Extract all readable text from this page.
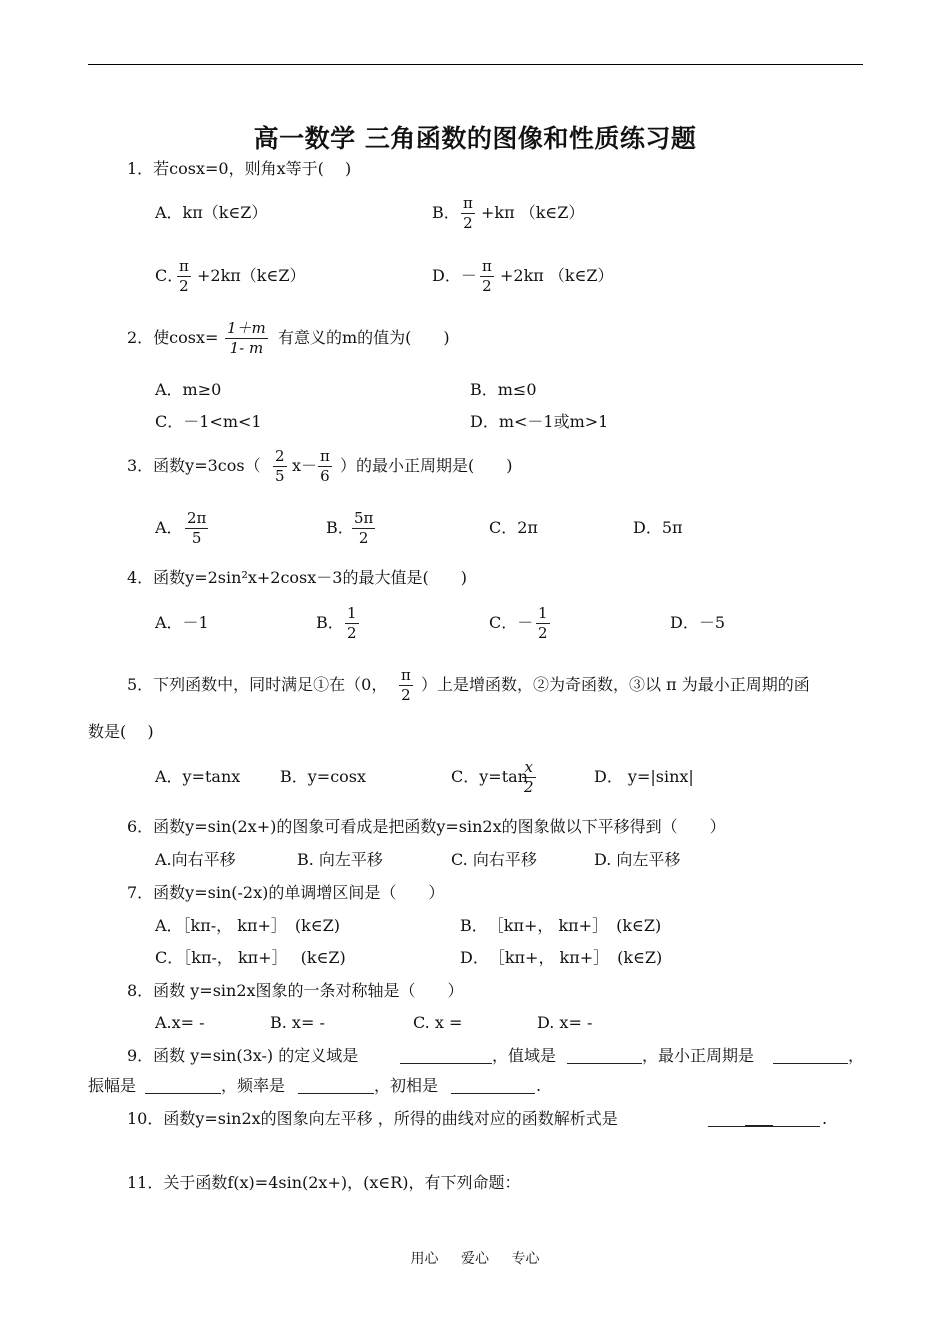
高一数学 三角函数的图像和性质练习题
1．若cosx=0，则角x等于(　 )
A．kπ（k∈Z）	B． π
2
+kπ （k∈Z）
C．
π
2
+2kπ（k∈Z）	D．－ π
2
+2kπ （k∈Z）
2．使cosx= 1＋m
1- m
有意义的m的值为(　　)
A．m≥0	B．m≤0
C．－1<m<1	D．m<－1或m>1
3．函数y=3cos（ 2
5
x－ π
6
）的最小正周期是(　　)
A． 2π
5
B． 5π
2
C．2π	D．5π
4．函数y=2sin²x+2cosx－3的最大值是(　　)
A．－1	B． 1
2
C．－ 1
2
D．－5
5．下列函数中，同时满足①在（0， π
2
）上是增函数，②为奇函数，③以 π 为最小正周期的函
数是(　 )
A．y=tanx B．y=cosx	C．y=tan
x
2
D． y=|sinx|
6．函数y=sin(2x+)的图象可看成是把函数y=sin2x的图象做以下平移得到（　　）
A.向右平移	B. 向左平移	C. 向右平移	D. 向左平移
7．函数y=sin(-2x)的单调增区间是（　　）
A．［kπ-， kπ+］　(k∈Z)	B．　［kπ+， kπ+］　(k∈Z)
C．［kπ-， kπ+］　 (k∈Z)	D．　［kπ+， kπ+］　(k∈Z)
8．函数 y=sin2x图象的一条对称轴是（　　）
A.x= -	B. x= -	C. x =	D. x= -
9．函数 y=sin(3x-) 的定义域是	，值域是	，最小正周期是	，
振幅是	，频率是	，初相是	.
10．函数y=sin2x的图象向左平移 ，所得的曲线对应的函数解析式是	.
11．关于函数f(x)=4sin(2x+)，(x∈R)，有下列命题：
用心 爱心 专心
